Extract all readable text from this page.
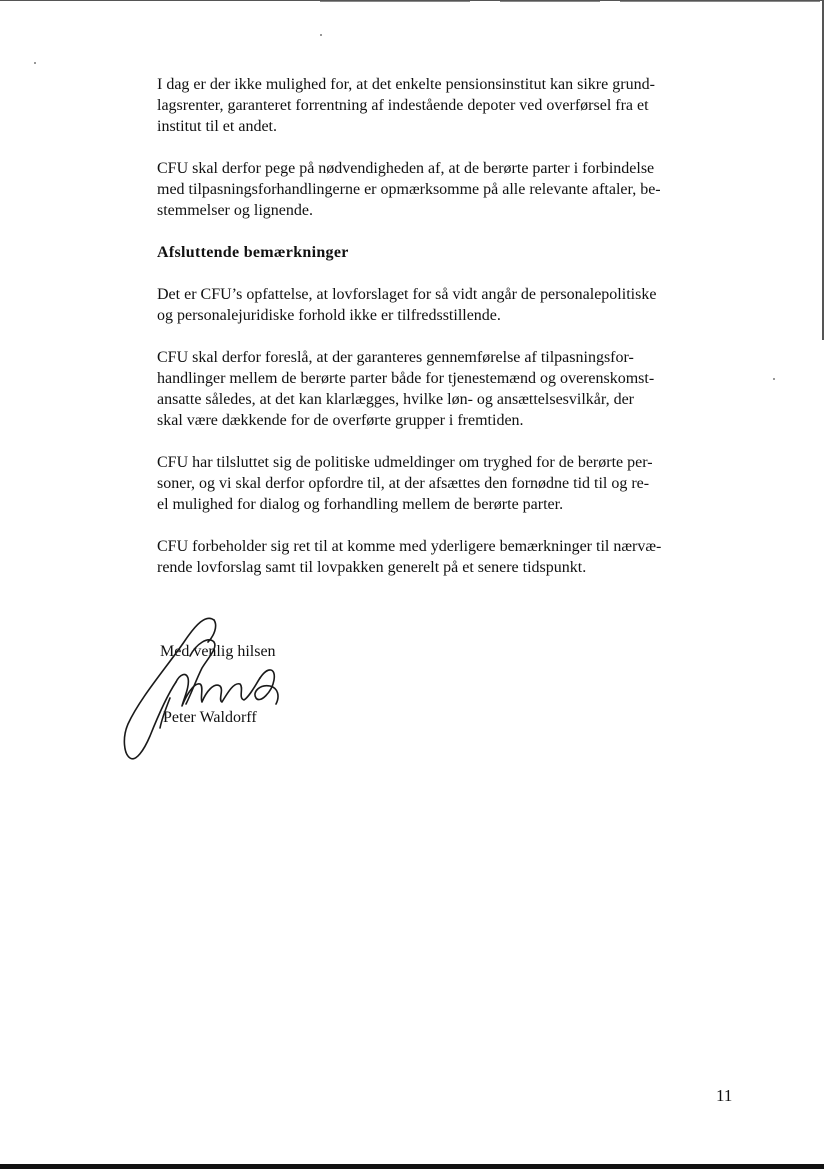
I dag er der ikke mulighed for, at det enkelte pensionsinstitut kan sikre grund-
lagsrenter, garanteret forrentning af indestående depoter ved overførsel fra et
institut til et andet.

CFU skal derfor pege på nødvendigheden af, at de berørte parter i forbindelse
med tilpasningsforhandlingerne er opmærksomme på alle relevante aftaler, be-
stemmelser og lignende.

Afsluttende bemærkninger

Det er CFU’s opfattelse, at lovforslaget for så vidt angår de personalepolitiske
og personalejuridiske forhold ikke er tilfredsstillende.

CFU skal derfor foreslå, at der garanteres gennemførelse af tilpasningsfor-
handlinger mellem de berørte parter både for tjenestemænd og overenskomst-
ansatte således, at det kan klarlægges, hvilke løn- og ansættelsesvilkår, der
skal være dækkende for de overførte grupper i fremtiden.

CFU har tilsluttet sig de politiske udmeldinger om tryghed for de berørte per-
soner, og vi skal derfor opfordre til, at der afsættes den fornødne tid til og re-
el mulighed for dialog og forhandling mellem de berørte parter.

CFU forbeholder sig ret til at komme med yderligere bemærkninger til nærvæ-
rende lovforslag samt til lovpakken generelt på et senere tidspunkt.

Med venlig hilsen
Peter Waldorff
11
